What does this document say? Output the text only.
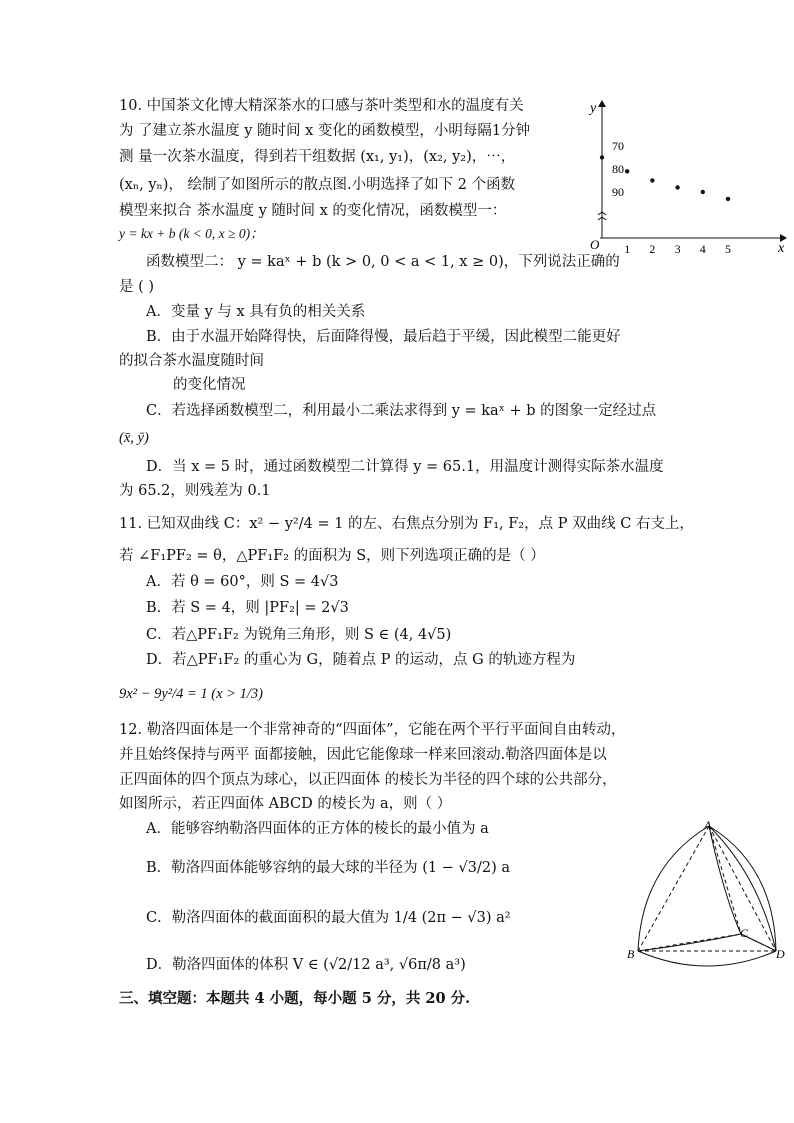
10. 中国茶文化博大精深茶水的口感与茶叶类型和水的温度有关
为 了建立茶水温度 y 随时间 x 变化的函数模型，小明每隔1分钟
测 量一次茶水温度，得到若干组数据 (x₁, y₁)，(x₂, y₂)，⋯，
(xₙ, yₙ)， 绘制了如图所示的散点图.小明选择了如下 2 个函数
模型来拟合 茶水温度 y 随时间 x 的变化情况，函数模型一：
y = kx + b (k < 0, x ≥ 0)；
函数模型二： y = kaˣ + b (k > 0, 0 < a < 1, x ≥ 0)，下列说法正确的
是 ( )
A．变量 y 与 x 具有负的相关关系
B．由于水温开始降得快，后面降得慢，最后趋于平缓，因此模型二能更好
的拟合茶水温度随时间
的变化情况
C．若选择函数模型二，利用最小二乘法求得到 y = kaˣ + b 的图象一定经过点
(x̄, ȳ)
D．当 x = 5 时，通过函数模型二计算得 y = 65.1，用温度计测得实际茶水温度
为 65.2，则残差为 0.1
y
x
O
90
80
70
1 2 3 4 5
11. 已知双曲线 C：x² − y²/4 = 1 的左、右焦点分别为 F₁, F₂，点 P 双曲线 C 右支上，
若 ∠F₁PF₂ = θ，△PF₁F₂ 的面积为 S，则下列选项正确的是（ ）
A．若 θ = 60°，则 S = 4√3
B．若 S = 4，则 |PF₂| = 2√3
C．若△PF₁F₂ 为锐角三角形，则 S ∈ (4, 4√5)
D．若△PF₁F₂ 的重心为 G，随着点 P 的运动，点 G 的轨迹方程为
9x² − 9y²/4 = 1 (x > 1/3)
12. 勒洛四面体是一个非常神奇的“四面体”，它能在两个平行平面间自由转动，
并且始终保持与两平 面都接触，因此它能像球一样来回滚动.勒洛四面体是以
正四面体的四个顶点为球心，以正四面体 的棱长为半径的四个球的公共部分，
如图所示，若正四面体 ABCD 的棱长为 a，则（ ）
A．能够容纳勒洛四面体的正方体的棱长的最小值为 a
B．勒洛四面体能够容纳的最大球的半径为 (1 − √3/2) a
C．勒洛四面体的截面面积的最大值为 1/4 (2π − √3) a²
D．勒洛四面体的体积 V ∈ (√2/12 a³, √6π/8 a³)
A
B
C
D
三、填空题：本题共 4 小题，每小题 5 分，共 20 分.
